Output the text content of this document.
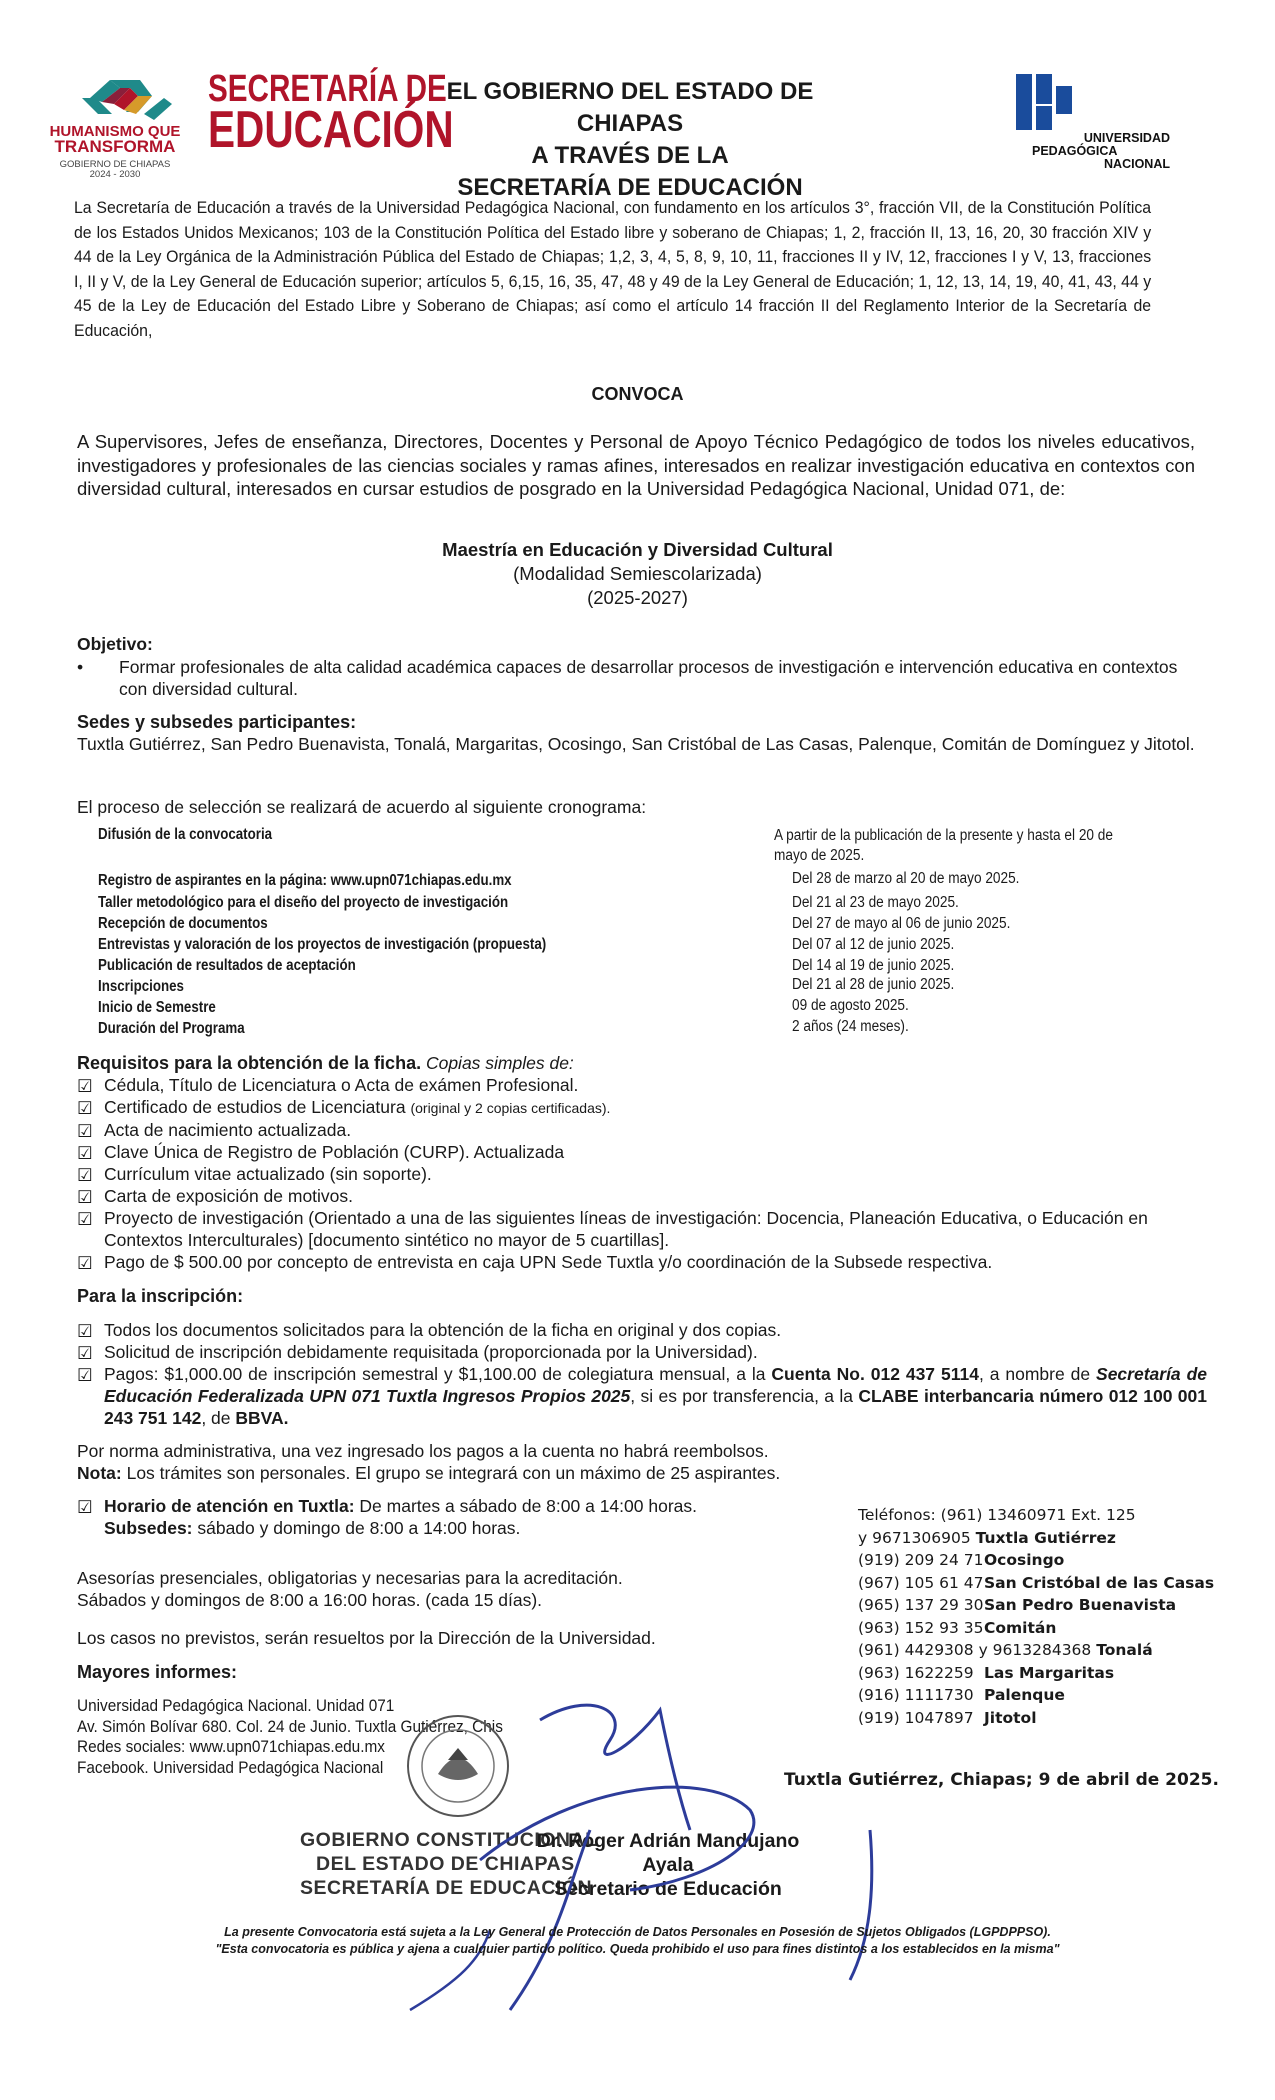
HUMANISMO QUE
TRANSFORMA
GOBIERNO DE CHIAPAS
2024 - 2030
SECRETARÍA DE
EDUCACIÓN
EL GOBIERNO DEL ESTADO DE CHIAPAS
A TRAVÉS DE LA
SECRETARÍA DE EDUCACIÓN
UNIVERSIDAD
PEDAGÓGICA
NACIONAL
La Secretaría de Educación a través de la Universidad Pedagógica Nacional, con fundamento en los artículos 3°, fracción VII, de la Constitución Política de los Estados Unidos Mexicanos; 103 de la Constitución Política del Estado libre y soberano de Chiapas; 1, 2, fracción II, 13, 16, 20, 30 fracción XIV y 44 de la Ley Orgánica de la Administración Pública del Estado de Chiapas; 1,2, 3, 4, 5, 8, 9, 10, 11, fracciones II y IV, 12, fracciones I y V, 13, fracciones I, II y V, de la Ley General de Educación superior; artículos 5, 6,15, 16, 35, 47, 48 y 49 de la Ley General de Educación; 1, 12, 13, 14, 19, 40, 41, 43, 44 y 45 de la Ley de Educación del Estado Libre y Soberano de Chiapas; así como el artículo 14 fracción II del Reglamento Interior de la Secretaría de Educación,
CONVOCA
A Supervisores, Jefes de enseñanza, Directores, Docentes y Personal de Apoyo Técnico Pedagógico de todos los niveles educativos, investigadores y profesionales de las ciencias sociales y ramas afines, interesados en realizar investigación educativa en contextos con diversidad cultural, interesados en cursar estudios de posgrado en la Universidad Pedagógica Nacional, Unidad 071, de:
Maestría en Educación y Diversidad Cultural
(Modalidad Semiescolarizada)
(2025-2027)
Objetivo:
• Formar profesionales de alta calidad académica capaces de desarrollar procesos de investigación e intervención educativa en contextos con diversidad cultural.
Sedes y subsedes participantes:
Tuxtla Gutiérrez, San Pedro Buenavista, Tonalá, Margaritas, Ocosingo, San Cristóbal de Las Casas, Palenque, Comitán de Domínguez y Jitotol.
El proceso de selección se realizará de acuerdo al siguiente cronograma:
Difusión de la convocatoria	A partir de la publicación de la presente y hasta el 20 de mayo de 2025.
Registro de aspirantes en la página: www.upn071chiapas.edu.mx	Del 28 de marzo al 20 de mayo 2025.
Taller metodológico para el diseño del proyecto de investigación	Del 21 al 23 de mayo 2025.
Recepción de documentos	Del 27 de mayo al 06 de junio 2025.
Entrevistas y valoración de los proyectos de investigación (propuesta)	Del 07 al 12 de junio 2025.
Publicación de resultados de aceptación	Del 14 al 19 de junio 2025.
Inscripciones	Del 21 al 28 de junio 2025.
Inicio de Semestre	09 de agosto 2025.
Duración del Programa	2 años (24 meses).
Requisitos para la obtención de la ficha. Copias simples de:
☑ Cédula, Título de Licenciatura o Acta de exámen Profesional.
☑ Certificado de estudios de Licenciatura (original y 2 copias certificadas).
☑ Acta de nacimiento actualizada.
☑ Clave Única de Registro de Población (CURP). Actualizada
☑ Currículum vitae actualizado (sin soporte).
☑ Carta de exposición de motivos.
☑ Proyecto de investigación (Orientado a una de las siguientes líneas de investigación: Docencia, Planeación Educativa, o Educación en Contextos Interculturales) [documento sintético no mayor de 5 cuartillas].
☑ Pago de $ 500.00 por concepto de entrevista en caja UPN Sede Tuxtla y/o coordinación de la Subsede respectiva.
Para la inscripción:
☑ Todos los documentos solicitados para la obtención de la ficha en original y dos copias.
☑ Solicitud de inscripción debidamente requisitada (proporcionada por la Universidad).
☑ Pagos: $1,000.00 de inscripción semestral y $1,100.00 de colegiatura mensual, a la Cuenta No. 012 437 5114, a nombre de Secretaría de Educación Federalizada UPN 071 Tuxtla Ingresos Propios 2025, si es por transferencia, a la CLABE interbancaria número 012 100 001 243 751 142, de BBVA.
Por norma administrativa, una vez ingresado los pagos a la cuenta no habrá reembolsos.
Nota: Los trámites son personales. El grupo se integrará con un máximo de 25 aspirantes.
☑ Horario de atención en Tuxtla: De martes a sábado de 8:00 a 14:00 horas.
Subsedes: sábado y domingo de 8:00 a 14:00 horas.
Teléfonos: (961) 13460971 Ext. 125
y 9671306905 Tuxtla Gutiérrez
(919) 209 24 71Ocosingo
(967) 105 61 47San Cristóbal de las Casas
(965) 137 29 30San Pedro Buenavista
(963) 152 93 35Comitán
(961) 4429308 y 9613284368 Tonalá
(963) 1622259 Las Margaritas
(916) 1111730 Palenque
(919) 1047897 Jitotol
Asesorías presenciales, obligatorias y necesarias para la acreditación.
Sábados y domingos de 8:00 a 16:00 horas. (cada 15 días).
Los casos no previstos, serán resueltos por la Dirección de la Universidad.
Mayores informes:
Universidad Pedagógica Nacional. Unidad 071
Av. Simón Bolívar 680. Col. 24 de Junio. Tuxtla Gutiérrez, Chis
Redes sociales: www.upn071chiapas.edu.mx
Facebook. Universidad Pedagógica Nacional
Tuxtla Gutiérrez, Chiapas; 9 de abril de 2025.
GOBIERNO CONSTITUCIONAL
DEL ESTADO DE CHIAPAS
SECRETARÍA DE EDUCACIÓN
Dr. Roger Adrián Mandujano Ayala
Secretario de Educación
La presente Convocatoria está sujeta a la Ley General de Protección de Datos Personales en Posesión de Sujetos Obligados (LGPDPPSO).
"Esta convocatoria es pública y ajena a cualquier partido político. Queda prohibido el uso para fines distintos a los establecidos en la misma"
